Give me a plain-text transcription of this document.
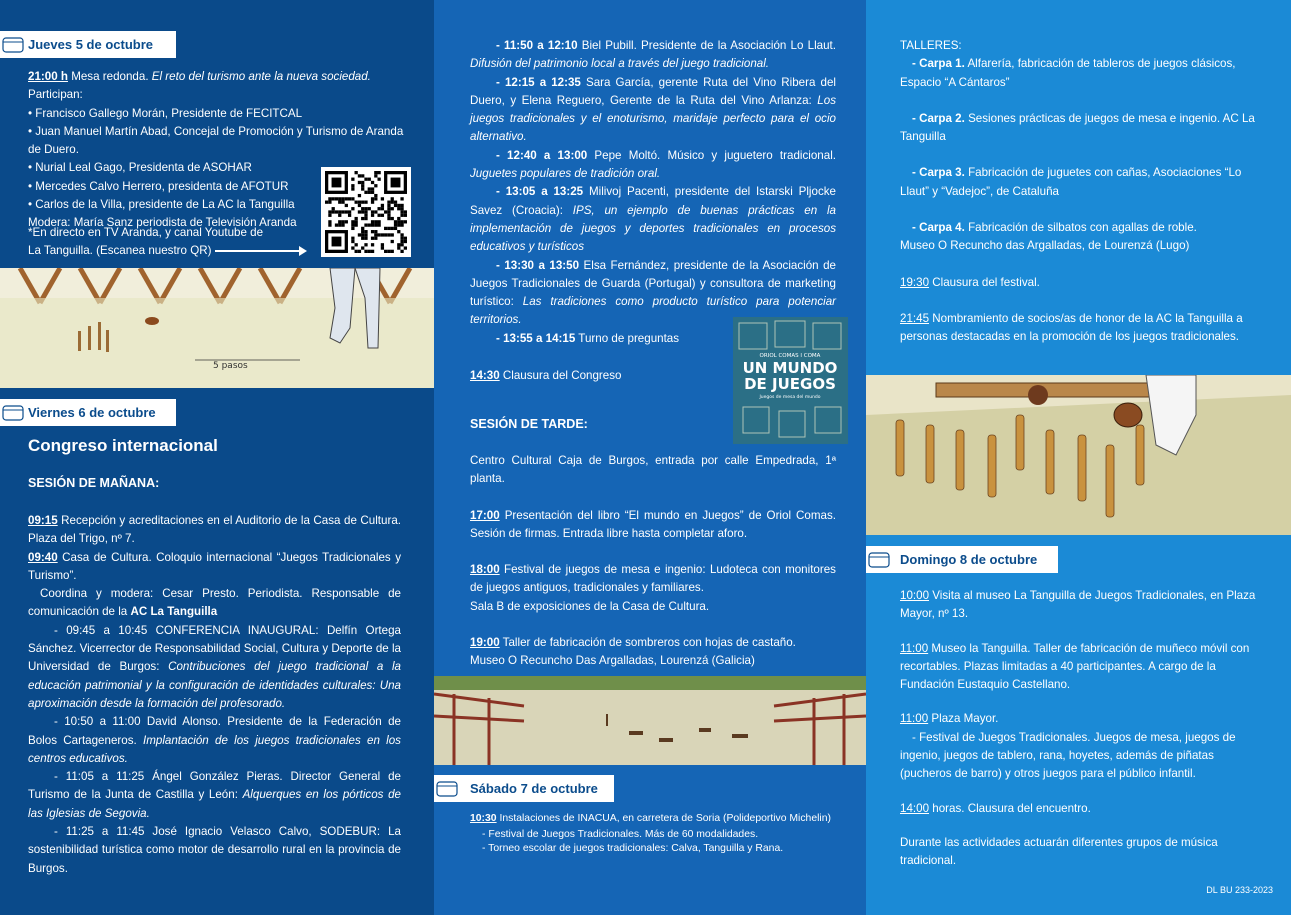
Jueves 5 de octubre

21:00 h Mesa redonda. El reto del turismo ante la nueva sociedad.

Participan:

• Francisco Gallego Morán, Presidente de FECITCAL
• Juan Manuel Martín Abad, Concejal de Promoción y Turismo de Aranda de Duero.
• Nurial Leal Gago, Presidenta de ASOHAR
• Mercedes Calvo Herrero, presidenta de AFOTUR
• Carlos de la Villa, presidente de La AC la Tanguilla

Modera: María Sanz periodista de Televisión Aranda

*En directo en TV Aranda, y canal Youtube de

La Tanguilla. (Escanea nuestro QR)

5 pasos
Viernes 6 de octubre
Congreso internacional
SESIÓN DE MAÑANA:

09:15 Recepción y acreditaciones en el Auditorio de la Casa de Cultura. Plaza del Trigo, nº 7.

09:40 Casa de Cultura. Coloquio internacional “Juegos Tradicionales y Turismo”.

Coordina y modera: Cesar Presto. Periodista. Responsable de comunicación de la AC La Tanguilla

- 09:45 a 10:45 CONFERENCIA INAUGURAL: Delfín Ortega Sánchez. Vicerrector de Responsabilidad Social, Cultura y Deporte de la Universidad de Burgos: Contribuciones del juego tradicional a la educación patrimonial y la configuración de identidades culturales: Una aproximación desde la formación del profesorado.

- 10:50 a 11:00 David Alonso. Presidente de la Federación de Bolos Cartageneros. Implantación de los juegos tradicionales en los centros educativos.

- 11:05 a 11:25 Ángel González Pieras. Director General de Turismo de la Junta de Castilla y León: Alquerques en los pórticos de las Iglesias de Segovia.

- 11:25 a 11:45 José Ignacio Velasco Calvo, SODEBUR: La sostenibilidad turística como motor de desarrollo rural en la provincia de Burgos.

- 11:50 a 12:10 Biel Pubill. Presidente de la Asociación Lo Llaut. Difusión del patrimonio local a través del juego tradicional.

- 12:15 a 12:35 Sara García, gerente Ruta del Vino Ribera del Duero, y Elena Reguero, Gerente de la Ruta del Vino Arlanza: Los juegos tradicionales y el enoturismo, maridaje perfecto para el ocio alternativo.

- 12:40 a 13:00 Pepe Moltó. Músico y juguetero tradicional. Juguetes populares de tradición oral.

- 13:05 a 13:25 Milivoj Pacenti, presidente del Istarski Pljocke Savez (Croacia): IPS, un ejemplo de buenas prácticas en la implementación de juegos y deportes tradicionales en procesos educativos y turísticos

- 13:30 a 13:50 Elsa Fernández, presidente de la Asociación de Juegos Tradicionales de Guarda (Portugal) y consultora de marketing turístico: Las tradiciones como producto turístico para potenciar territorios.

- 13:55 a 14:15 Turno de preguntas

14:30 Clausura del Congreso
ORIOL COMAS I COMA
UN MUNDO
DE JUEGOS
Juegos de mesa del mundo
SESIÓN DE TARDE:

Centro Cultural Caja de Burgos, entrada por calle Empedrada, 1ª planta.

17:00 Presentación del libro “El mundo en Juegos” de Oriol Comas. Sesión de firmas. Entrada libre hasta completar aforo.

18:00 Festival de juegos de mesa e ingenio: Ludoteca con monitores de juegos antiguos, tradicionales y familiares.

Sala B de exposiciones de la Casa de Cultura.

19:00 Taller de fabricación de sombreros con hojas de castaño.

Museo O Recuncho Das Argalladas, Lourenzá (Galicia)

Sábado 7 de octubre

10:30 Instalaciones de INACUA, en carretera de Soria (Polideportivo Michelin)

- Festival de Juegos Tradicionales. Más de 60 modalidades.

- Torneo escolar de juegos tradicionales: Calva, Tanguilla y Rana.

TALLERES:

- Carpa 1. Alfarería, fabricación de tableros de juegos clásicos, Espacio “A Cántaros”

- Carpa 2. Sesiones prácticas de juegos de mesa e ingenio. AC La Tanguilla

- Carpa 3. Fabricación de juguetes con cañas, Asociaciones “Lo Llaut” y “Vadejoc”, de Cataluña

- Carpa 4. Fabricación de silbatos con agallas de roble.

Museo O Recuncho das Argalladas, de Lourenzá (Lugo)

19:30 Clausura del festival.

21:45 Nombramiento de socios/as de honor de la AC la Tanguilla a personas destacadas en la promoción de los juegos tradicionales.

Domingo 8 de octubre

10:00 Visita al museo La Tanguilla de Juegos Tradicionales, en Plaza Mayor, nº 13.

11:00 Museo la Tanguilla. Taller de fabricación de muñeco móvil con recortables. Plazas limitadas a 40 participantes. A cargo de la Fundación Eustaquio Castellano.

11:00 Plaza Mayor.

- Festival de Juegos Tradicionales. Juegos de mesa, juegos de ingenio, juegos de tablero, rana, hoyetes, además de piñatas (pucheros de barro) y otros juegos para el público infantil.

14:00 horas. Clausura del encuentro.

Durante las actividades actuarán diferentes grupos de música tradicional.

DL BU 233-2023
